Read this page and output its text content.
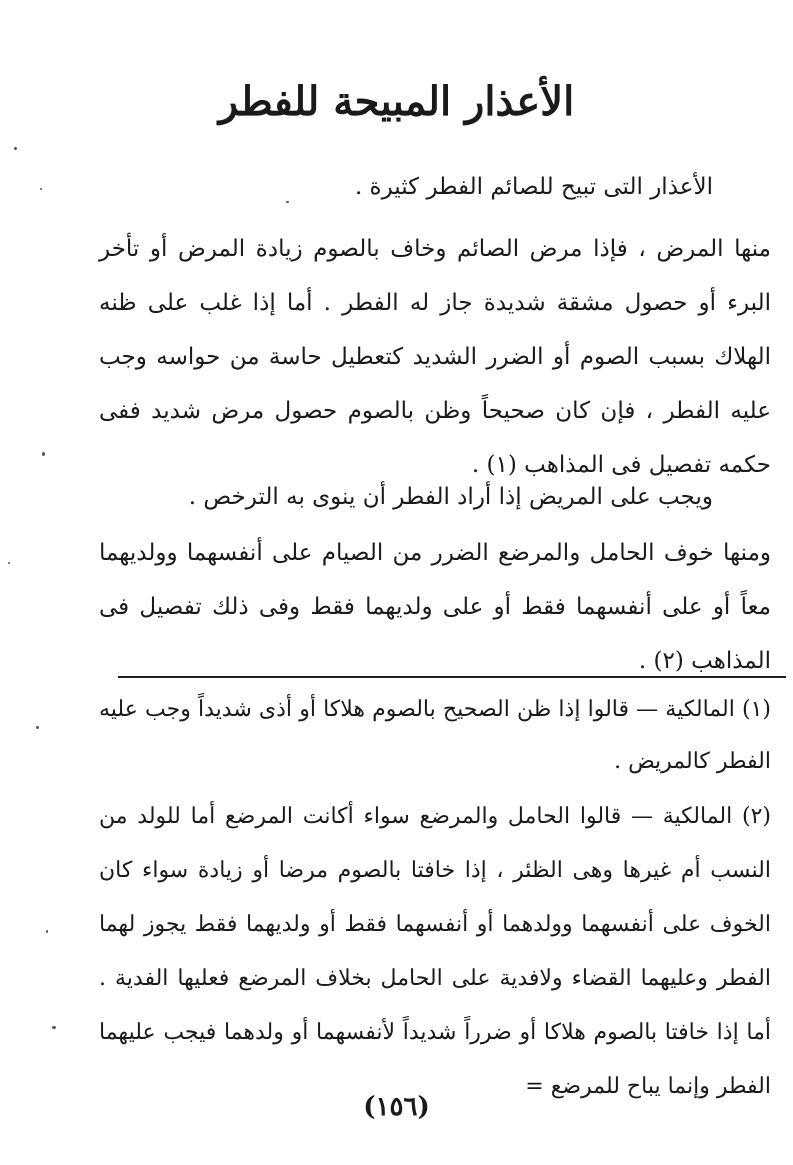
الأعذار المبيحة للفطر

الأعذار التى تبيح للصائم الفطر كثيرة .

منها المرض ، فإذا مرض الصائم وخاف بالصوم زيادة المرض أو تأخر البرء أو حصول مشقة شديدة جاز له الفطر . أما إذا غلب على ظنه الهلاك بسبب الصوم أو الضرر الشديد كتعطيل حاسة من حواسه وجب عليه الفطر ، فإن كان صحيحاً وظن بالصوم حصول مرض شديد ففى حكمه تفصيل فى المذاهب (١) .

ويجب على المريض إذا أراد الفطر أن ينوى به الترخص .

ومنها خوف الحامل والمرضع الضرر من الصيام على أنفسهما وولديهما معاً أو على أنفسهما فقط أو على ولديهما فقط وفى ذلك تفصيل فى المذاهب (٢) .

(١) المالكية — قالوا إذا ظن الصحيح بالصوم هلاكا أو أذى شديداً وجب عليه الفطر كالمريض .

(٢) المالكية — قالوا الحامل والمرضع سواء أكانت المرضع أما للولد من النسب أم غيرها وهى الظئر ، إذا خافتا بالصوم مرضا أو زيادة سواء كان الخوف على أنفسهما وولدهما أو أنفسهما فقط أو ولديهما فقط يجوز لهما الفطر وعليهما القضاء ولافدية على الحامل بخلاف المرضع فعليها الفدية . أما إذا خافتا بالصوم هلاكا أو ضرراً شديداً لأنفسهما أو ولدهما فيجب عليهما الفطر وإنما يباح للمرضع =

(١٥٦)
